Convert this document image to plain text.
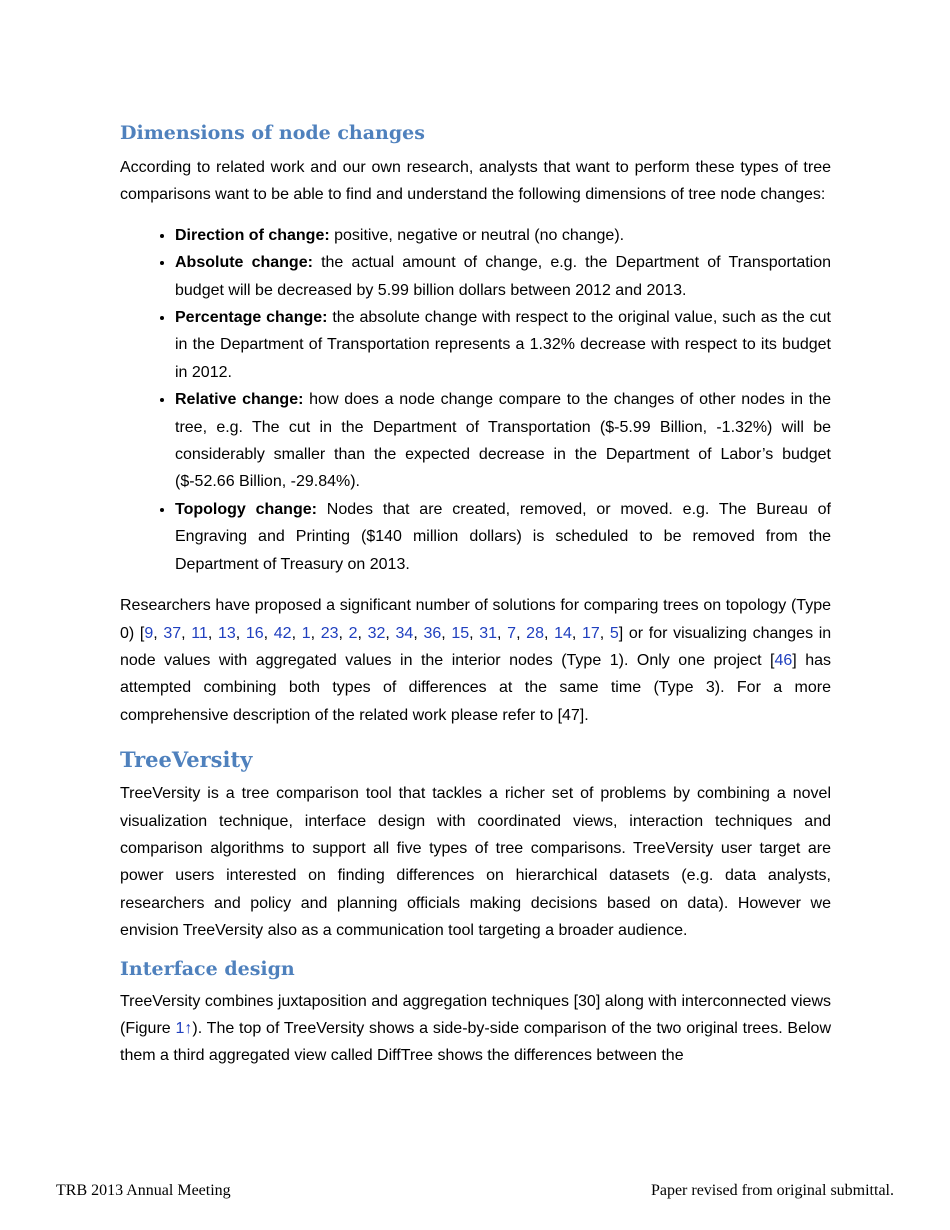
Dimensions of node changes

According to related work and our own research, analysts that want to perform these types of tree comparisons want to be able to find and understand the following dimensions of tree node changes:

• Direction of change: positive, negative or neutral (no change).
• Absolute change: the actual amount of change, e.g. the Department of Transportation budget will be decreased by 5.99 billion dollars between 2012 and 2013.
• Percentage change: the absolute change with respect to the original value, such as the cut in the Department of Transportation represents a 1.32% decrease with respect to its budget in 2012.
• Relative change: how does a node change compare to the changes of other nodes in the tree, e.g. The cut in the Department of Transportation ($-5.99 Billion, -1.32%) will be considerably smaller than the expected decrease in the Department of Labor’s budget ($-52.66 Billion, -29.84%).
• Topology change: Nodes that are created, removed, or moved. e.g. The Bureau of Engraving and Printing ($140 million dollars) is scheduled to be removed from the Department of Treasury on 2013.

Researchers have proposed a significant number of solutions for comparing trees on topology (Type 0) [9, 37, 11, 13, 16, 42, 1, 23, 2, 32, 34, 36, 15, 31, 7, 28, 14, 17, 5] or for visualizing changes in node values with aggregated values in the interior nodes (Type 1). Only one project [46] has attempted combining both types of differences at the same time (Type 3). For a more comprehensive description of the related work please refer to [47].

TreeVersity

TreeVersity is a tree comparison tool that tackles a richer set of problems by combining a novel visualization technique, interface design with coordinated views, interaction techniques and comparison algorithms to support all five types of tree comparisons. TreeVersity user target are power users interested on finding differences on hierarchical datasets (e.g. data analysts, researchers and policy and planning officials making decisions based on data). However we envision TreeVersity also as a communication tool targeting a broader audience.

Interface design

TreeVersity combines juxtaposition and aggregation techniques [30] along with interconnected views (Figure 1↑). The top of TreeVersity shows a side-by-side comparison of the two original trees. Below them a third aggregated view called DiffTree shows the differences between the

TRB 2013 Annual Meeting	Paper revised from original submittal.
